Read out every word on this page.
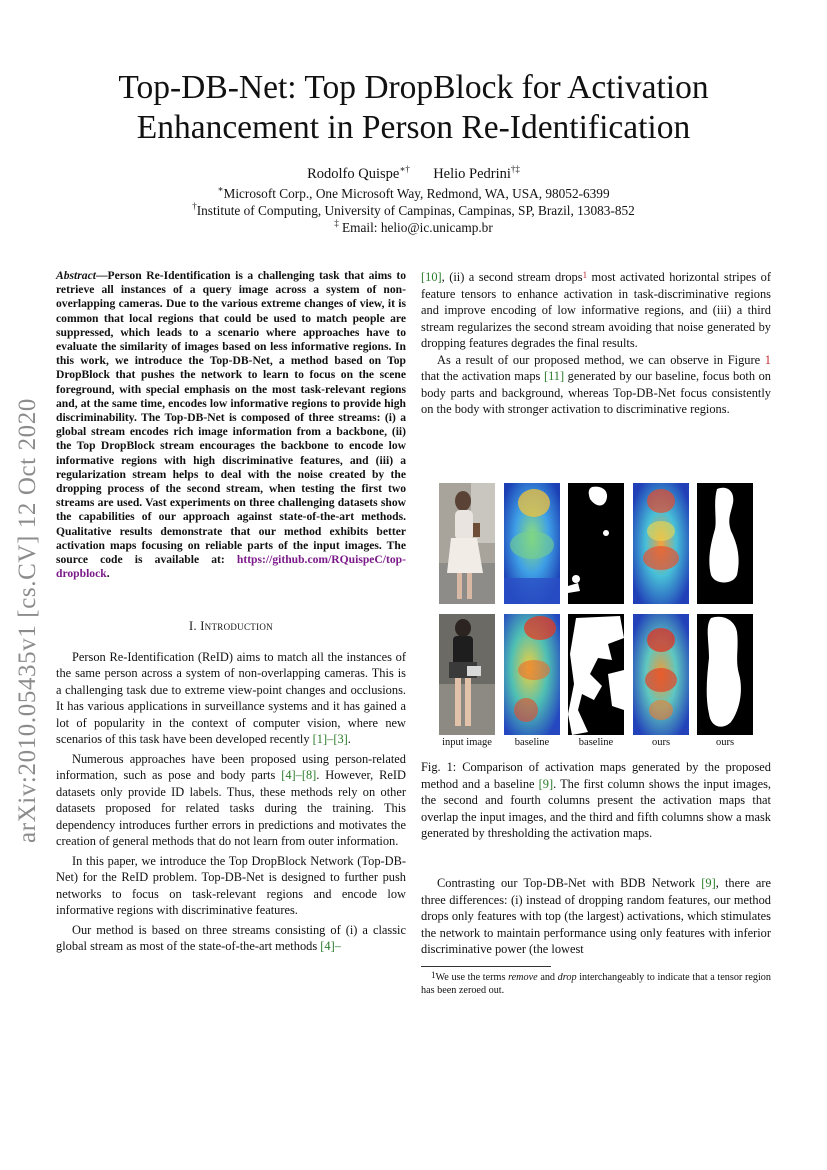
arXiv:2010.05435v1 [cs.CV] 12 Oct 2020
Top-DB-Net: Top DropBlock for Activation Enhancement in Person Re-Identification
Rodolfo Quispe∗† Helio Pedrini†‡
∗Microsoft Corp., One Microsoft Way, Redmond, WA, USA, 98052-6399
†Institute of Computing, University of Campinas, Campinas, SP, Brazil, 13083-852
‡ Email: helio@ic.unicamp.br
Abstract—Person Re-Identification is a challenging task that aims to retrieve all instances of a query image across a system of non-overlapping cameras. Due to the various extreme changes of view, it is common that local regions that could be used to match people are suppressed, which leads to a scenario where approaches have to evaluate the similarity of images based on less informative regions. In this work, we introduce the Top-DB-Net, a method based on Top DropBlock that pushes the network to learn to focus on the scene foreground, with special emphasis on the most task-relevant regions and, at the same time, encodes low informative regions to provide high discriminability. The Top-DB-Net is composed of three streams: (i) a global stream encodes rich image information from a backbone, (ii) the Top DropBlock stream encourages the backbone to encode low informative regions with high discriminative features, and (iii) a regularization stream helps to deal with the noise created by the dropping process of the second stream, when testing the first two streams are used. Vast experiments on three challenging datasets show the capabilities of our approach against state-of-the-art methods. Qualitative results demonstrate that our method exhibits better activation maps focusing on reliable parts of the input images. The source code is available at: https://github.com/RQuispeC/top-dropblock.
I. Introduction

Person Re-Identification (ReID) aims to match all the instances of the same person across a system of non-overlapping cameras. This is a challenging task due to extreme view-point changes and occlusions. It has various applications in surveillance systems and it has gained a lot of popularity in the context of computer vision, where new scenarios of this task have been developed recently [1]–[3].

Numerous approaches have been proposed using person-related information, such as pose and body parts [4]–[8]. However, ReID datasets only provide ID labels. Thus, these methods rely on other datasets proposed for related tasks during the training. This dependency introduces further errors in predictions and motivates the creation of general methods that do not learn from outer information.

In this paper, we introduce the Top DropBlock Network (Top-DB-Net) for the ReID problem. Top-DB-Net is designed to further push networks to focus on task-relevant regions and encode low informative regions with discriminative features.

Our method is based on three streams consisting of (i) a classic global stream as most of the state-of-the-art methods [4]–

[10], (ii) a second stream drops$^1$ most activated horizontal stripes of feature tensors to enhance activation in task-discriminative regions and improve encoding of low informative regions, and (iii) a third stream regularizes the second stream avoiding that noise generated by dropping features degrades the final results.

As a result of our proposed method, we can observe in Figure 1 that the activation maps [11] generated by our baseline, focus both on body parts and background, whereas Top-DB-Net focus consistently on the body with stronger activation to discriminative regions.

input image	baseline	baseline	ours	ours
Fig. 1: Comparison of activation maps generated by the proposed method and a baseline [9]. The first column shows the input images, the second and fourth columns present the activation maps that overlap the input images, and the third and fifth columns show a mask generated by thresholding the activation maps.

Contrasting our Top-DB-Net with BDB Network [9], there are three differences: (i) instead of dropping random features, our method drops only features with top (the largest) activations, which stimulates the network to maintain performance using only features with inferior discriminative power (the lowest

$^1$We use the terms remove and drop interchangeably to indicate that a tensor region has been zeroed out.
